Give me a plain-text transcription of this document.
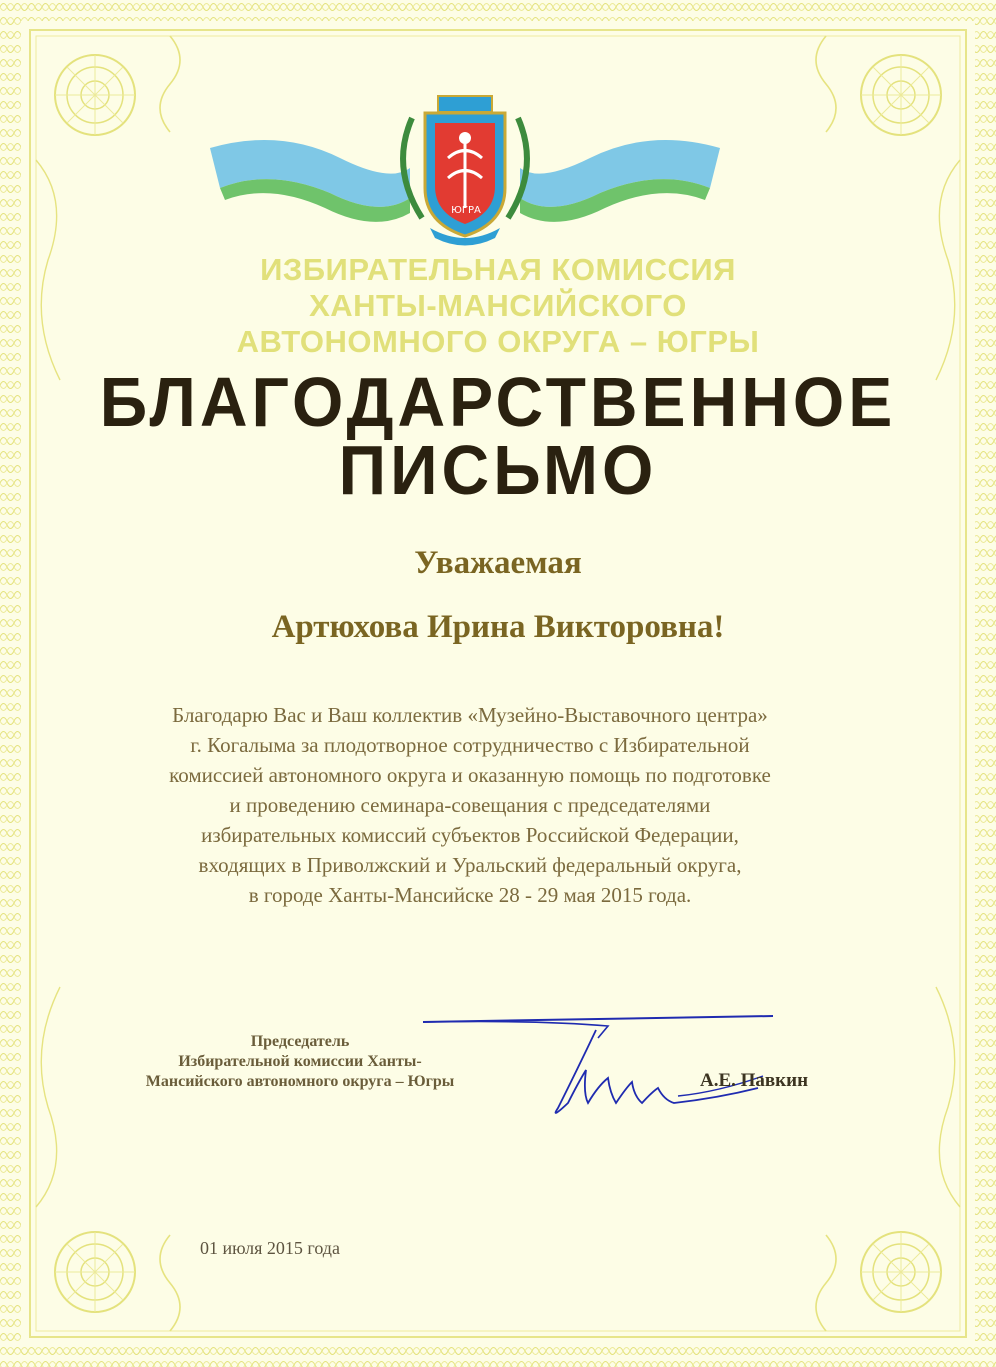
ЮГРА
ИЗБИРАТЕЛЬНАЯ КОМИССИЯ
ХАНТЫ-МАНСИЙСКОГО
АВТОНОМНОГО ОКРУГА – ЮГРЫ
БЛАГОДАРСТВЕННОЕ
ПИСЬМО
Уважаемая
Артюхова Ирина Викторовна!
Благодарю Вас и Ваш коллектив «Музейно-Выставочного центра»
г. Когалыма за плодотворное сотрудничество с Избирательной
комиссией автономного округа и оказанную помощь по подготовке
и проведению семинара-совещания с председателями
избирательных комиссий субъектов Российской Федерации,
входящих в Приволжский и Уральский федеральный округа,
в городе Ханты-Мансийске 28 - 29 мая 2015 года.
Председатель
Избирательной комиссии Ханты-
Мансийского автономного округа – Югры	А.Е. Павкин
01 июля 2015 года
